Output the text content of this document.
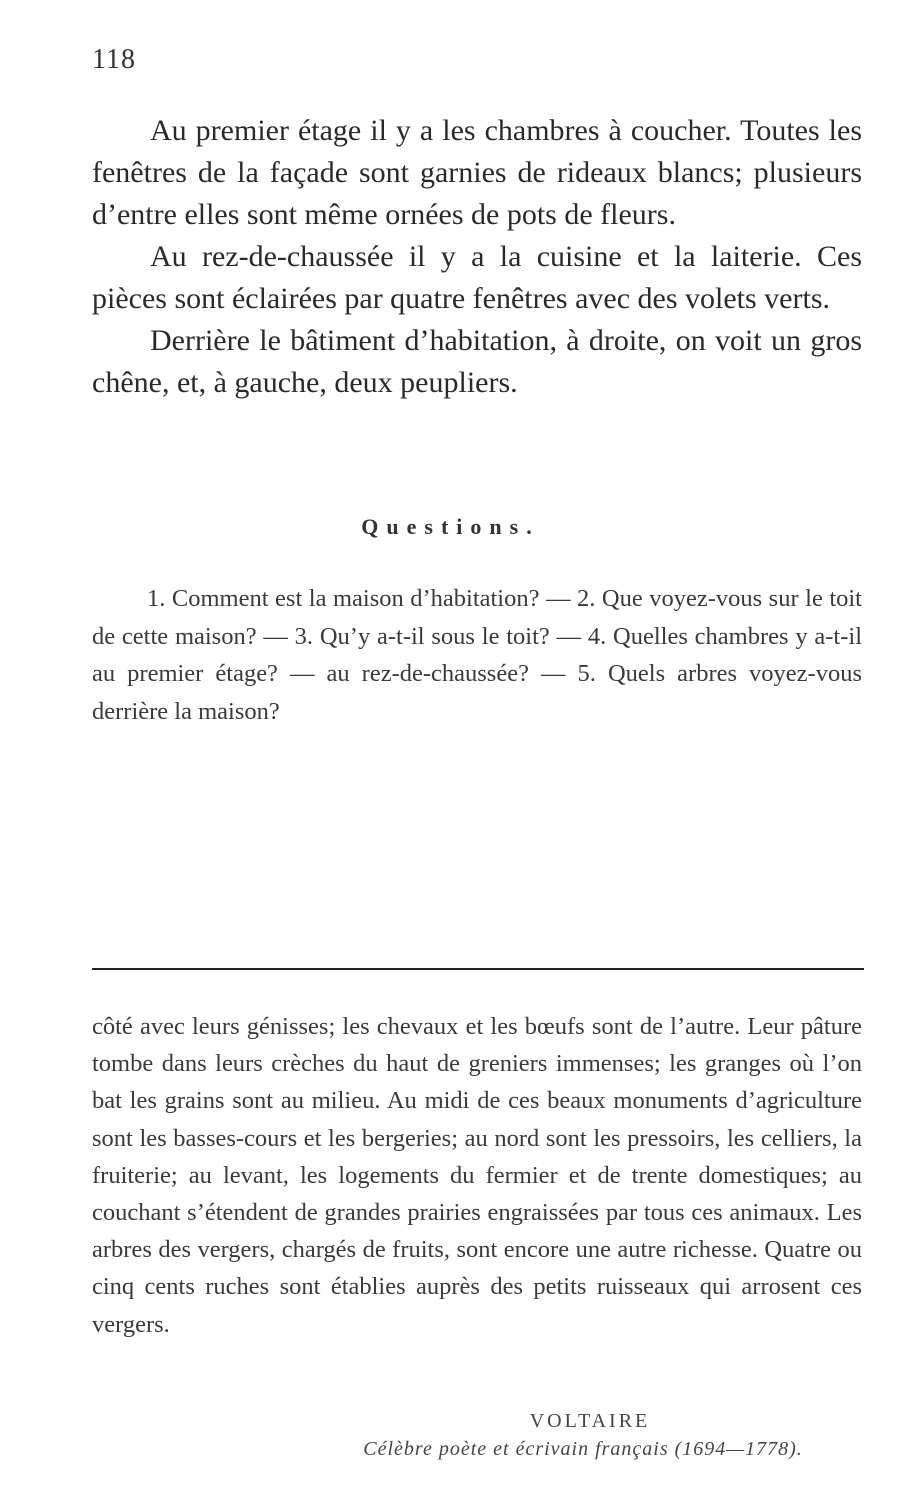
118

Au premier étage il y a les chambres à coucher. Toutes les fenêtres de la façade sont garnies de rideaux blancs; plusieurs d’entre elles sont même ornées de pots de fleurs.

Au rez-de-chaussée il y a la cuisine et la laiterie. Ces pièces sont éclairées par quatre fenêtres avec des volets verts.

Derrière le bâtiment d’habitation, à droite, on voit un gros chêne, et, à gauche, deux peupliers.

Questions.
1. Comment est la maison d’habitation? — 2. Que voyez-vous sur le toit de cette maison? — 3. Qu’y a-t-il sous le toit? — 4. Quelles chambres y a-t-il au premier étage? — au rez-de-chaussée? — 5. Quels arbres voyez-vous derrière la maison?
côté avec leurs génisses; les chevaux et les bœufs sont de l’autre. Leur pâture tombe dans leurs crèches du haut de greniers immenses; les granges où l’on bat les grains sont au milieu. Au midi de ces beaux monuments d’agriculture sont les basses-cours et les bergeries; au nord sont les pressoirs, les celliers, la fruiterie; au levant, les logements du fermier et de trente domestiques; au couchant s’étendent de grandes prairies engraissées par tous ces animaux. Les arbres des vergers, chargés de fruits, sont encore une autre richesse. Quatre ou cinq cents ruches sont établies auprès des petits ruisseaux qui arrosent ces vergers.
VOLTAIRE
Célèbre poète et écrivain français (1694—1778).
